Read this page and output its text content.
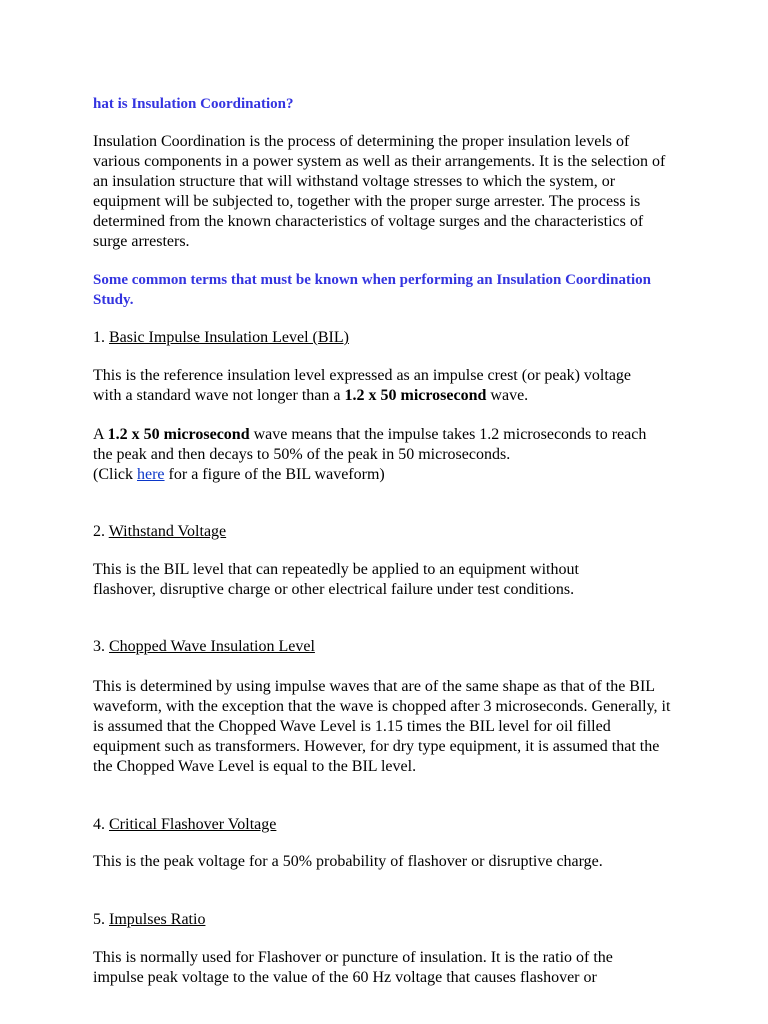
hat is Insulation Coordination?

Insulation Coordination is the process of determining the proper insulation levels of various components in a power system as well as their arrangements. It is the selection of an insulation structure that will withstand voltage stresses to which the system, or equipment will be subjected to, together with the proper surge arrester. The process is determined from the known characteristics of voltage surges and the characteristics of surge arresters.

Some common terms that must be known when performing an Insulation Coordination Study.

1. Basic Impulse Insulation Level (BIL)

This is the reference insulation level expressed as an impulse crest (or peak) voltage with a standard wave not longer than a 1.2 x 50 microsecond wave.

A 1.2 x 50 microsecond wave means that the impulse takes 1.2 microseconds to reach the peak and then decays to 50% of the peak in 50 microseconds.
(Click here for a figure of the BIL waveform)

2. Withstand Voltage

This is the BIL level that can repeatedly be applied to an equipment without flashover, disruptive charge or other electrical failure under test conditions.

3. Chopped Wave Insulation Level

This is determined by using impulse waves that are of the same shape as that of the BIL waveform, with the exception that the wave is chopped after 3 microseconds. Generally, it is assumed that the Chopped Wave Level is 1.15 times the BIL level for oil filled equipment such as transformers. However, for dry type equipment, it is assumed that the the Chopped Wave Level is equal to the BIL level.

4. Critical Flashover Voltage

This is the peak voltage for a 50% probability of flashover or disruptive charge.

5. Impulses Ratio

This is normally used for Flashover or puncture of insulation. It is the ratio of the impulse peak voltage to the value of the 60 Hz voltage that causes flashover or
